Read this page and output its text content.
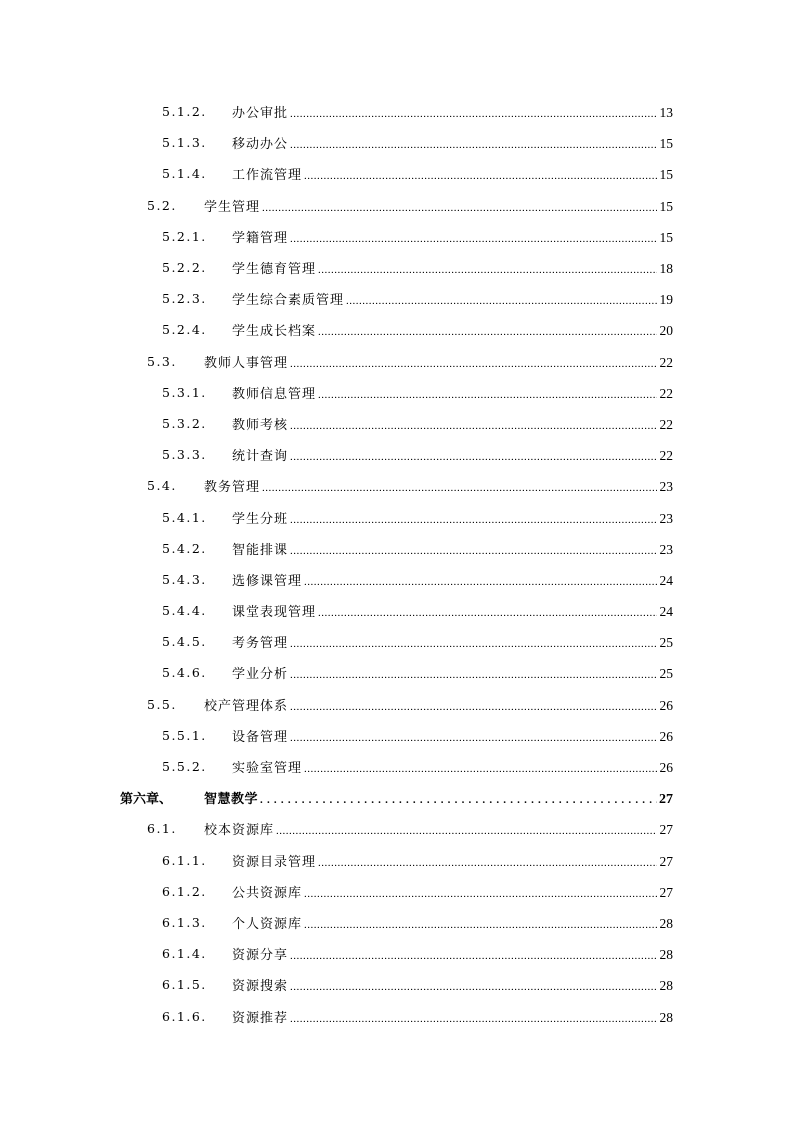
5.1.2. 办公审批 .....	13
5.1.3. 移动办公 .....	15
5.1.4. 工作流管理 .....	15
5.2. 学生管理 .....	15
5.2.1. 学籍管理 .....	15
5.2.2. 学生德育管理 .....	18
5.2.3. 学生综合素质管理 .....	19
5.2.4. 学生成长档案 .....	20
5.3. 教师人事管理 .....	22
5.3.1. 教师信息管理 .....	22
5.3.2. 教师考核 .....	22
5.3.3. 统计查询 .....	22
5.4. 教务管理 .....	23
5.4.1. 学生分班 .....	23
5.4.2. 智能排课 .....	23
5.4.3. 选修课管理 .....	24
5.4.4. 课堂表现管理 .....	24
5.4.5. 考务管理 .....	25
5.4.6. 学业分析 .....	25
5.5. 校产管理体系 .....	26
5.5.1. 设备管理 .....	26
5.5.2. 实验室管理 .....	26
第六章、 智慧教学 .....	27
6.1. 校本资源库 .....	27
6.1.1. 资源目录管理 .....	27
6.1.2. 公共资源库 .....	27
6.1.3. 个人资源库 .....	28
6.1.4. 资源分享 .....	28
6.1.5. 资源搜索 .....	28
6.1.6. 资源推荐 .....	28
